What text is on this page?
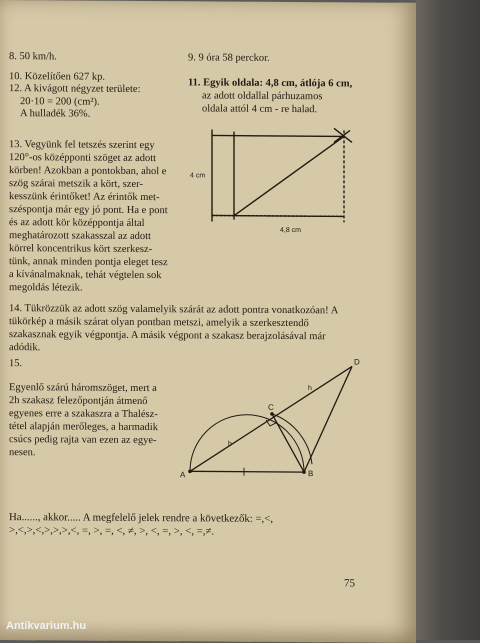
8. 50 km/h.	9. 9 óra 58 perckor.
10. Közelítően 627 kp.
12. A kivágott négyzet területe:
20·10 = 200 (cm²).
A hulladék 36%.
11. Egyik oldala: 4,8 cm, átlója 6 cm,
az adott oldallal párhuzamos
oldala attól 4 cm - re halad.
13. Vegyünk fel tetszés szerint egy
120°-os középponti szöget az adott
körben! Azokban a pontokban, ahol e
szög szárai metszik a kört, szer-
kesszünk érintőket! Az érintők met-
széspontja már egy jó pont. Ha e pont
és az adott kör középpontja által
meghatározott szakasszal az adott
körrel koncentrikus kört szerkesz-
tünk, annak minden pontja eleget tesz
a kívánalmaknak, tehát végtelen sok
megoldás létezik.
4 cm
4,8 cm
14. Tükrözzük az adott szög valamelyik szárát az adott pontra vonatkozóan! A
tükörkép a másik szárat olyan pontban metszi, amelyik a szerkesztendő
szakasznak egyik végpontja. A másik végpont a szakasz berajzolásával már
adódik.
15.
Egyenlő szárú háromszöget, mert a
2h szakasz felezőpontján átmenő
egyenes erre a szakaszra a Thalész-
tétel alapján merőleges, a harmadik
csúcs pedig rajta van ezen az egye-
nesen.
A	B
C
D
h
h
Ha......, akkor..... A megfelelő jelek rendre a következők: =,<,
>,<,>,<,>,>,>,<, =, >, =, <, ≠, >, <, =, >, <, =,≠.
75
Antikvarium.hu
